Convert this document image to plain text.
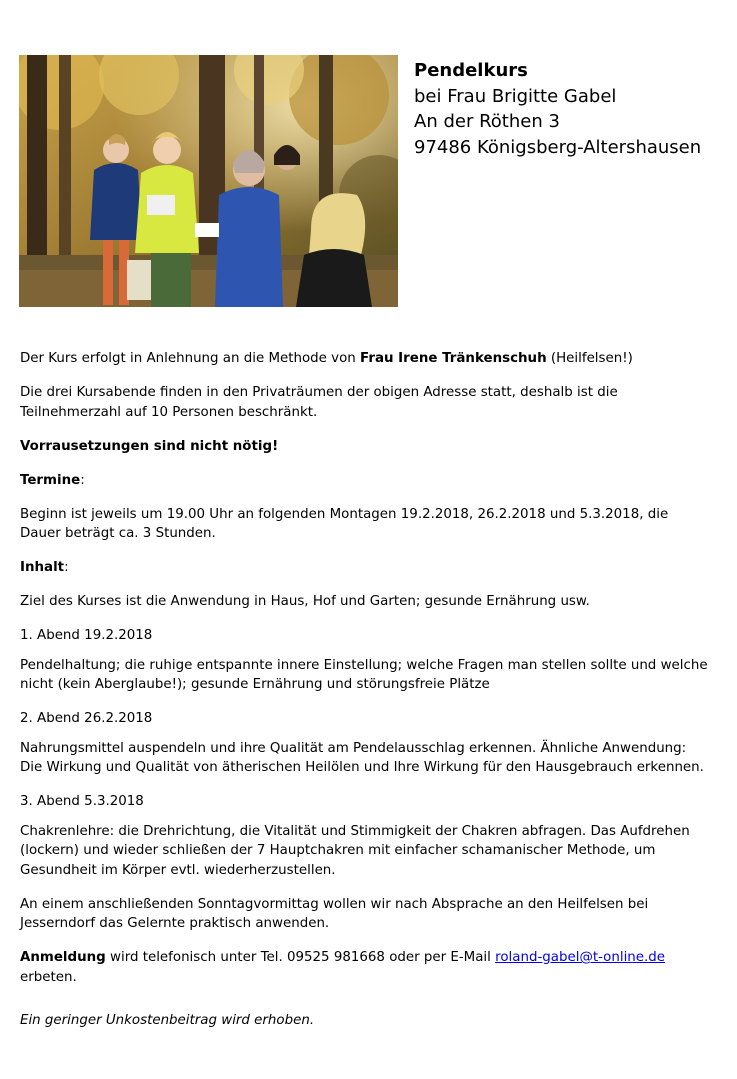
Pendelkurs
bei Frau Brigitte Gabel
An der Röthen 3
97486 Königsberg-Altershausen

Der Kurs erfolgt in Anlehnung an die Methode von Frau Irene Tränkenschuh (Heilfelsen!)

Die drei Kursabende finden in den Privaträumen der obigen Adresse statt, deshalb ist die Teilnehmerzahl auf 10 Personen beschränkt.

Vorrausetzungen sind nicht nötig!

Termine:

Beginn ist jeweils um 19.00 Uhr an folgenden Montagen 19.2.2018, 26.2.2018 und 5.3.2018, die Dauer beträgt ca. 3 Stunden.

Inhalt:

Ziel des Kurses ist die Anwendung in Haus, Hof und Garten; gesunde Ernährung usw.

1. Abend 19.2.2018

Pendelhaltung; die ruhige entspannte innere Einstellung; welche Fragen man stellen sollte und welche nicht (kein Aberglaube!); gesunde Ernährung und störungsfreie Plätze

2. Abend 26.2.2018

Nahrungsmittel auspendeln und ihre Qualität am Pendelausschlag erkennen. Ähnliche Anwendung: Die Wirkung und Qualität von ätherischen Heilölen und Ihre Wirkung für den Hausgebrauch erkennen.

3. Abend 5.3.2018

Chakrenlehre: die Drehrichtung, die Vitalität und Stimmigkeit der Chakren abfragen. Das Aufdrehen (lockern) und wieder schließen der 7 Hauptchakren mit einfacher schamanischer Methode, um Gesundheit im Körper evtl. wiederherzustellen.

An einem anschließenden Sonntagvormittag wollen wir nach Absprache an den Heilfelsen bei Jesserndorf das Gelernte praktisch anwenden.

Anmeldung wird telefonisch unter Tel. 09525 981668 oder per E-Mail roland-gabel@t-online.de
erbeten.

Ein geringer Unkostenbeitrag wird erhoben.
